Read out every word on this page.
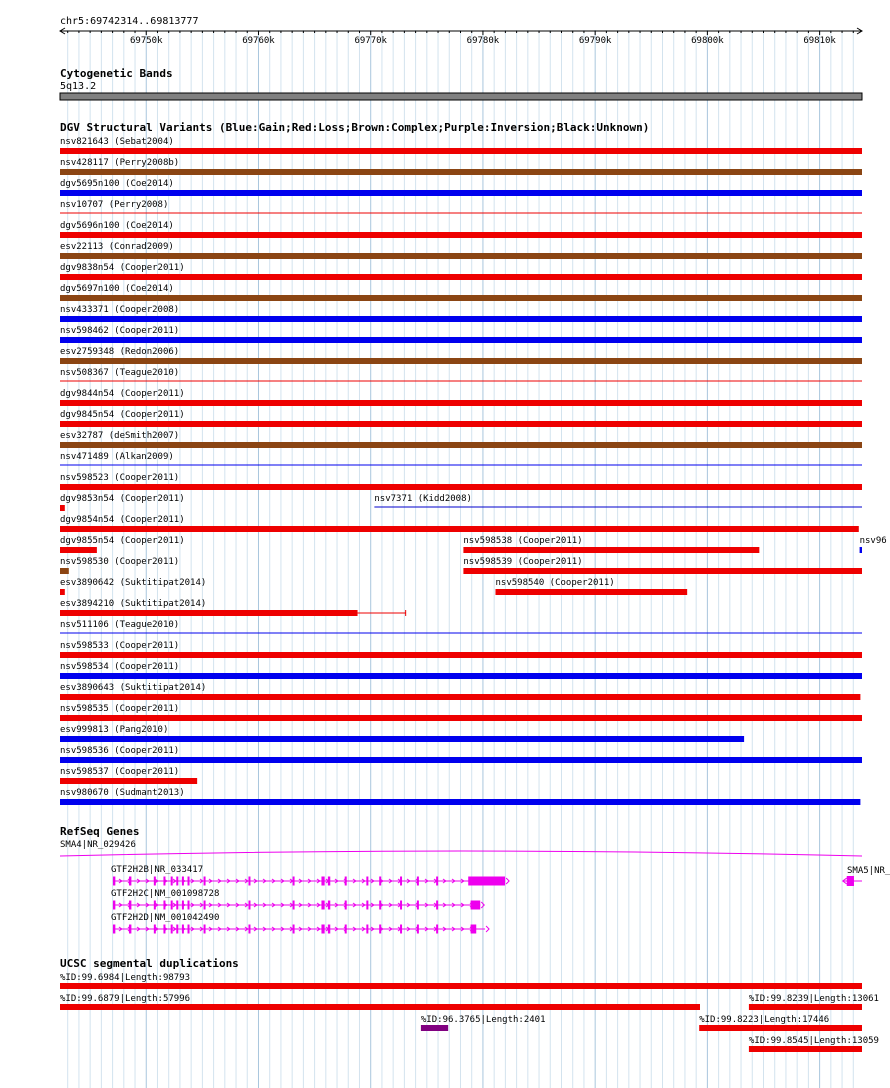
chr5:69742314..69813777
69750k	69760k	69770k	69780k	69790k	69800k	69810k
Cytogenetic Bands
5q13.2
DGV Structural Variants (Blue:Gain;Red:Loss;Brown:Complex;Purple:Inversion;Black:Unknown)
nsv821643 (Sebat2004)
nsv428117 (Perry2008b)
dgv5695n100 (Coe2014)
nsv10707 (Perry2008)
dgv5696n100 (Coe2014)
esv22113 (Conrad2009)
dgv9838n54 (Cooper2011)
dgv5697n100 (Coe2014)
nsv433371 (Cooper2008)
nsv598462 (Cooper2011)
esv2759348 (Redon2006)
nsv508367 (Teague2010)
dgv9844n54 (Cooper2011)
dgv9845n54 (Cooper2011)
esv32787 (deSmith2007)
nsv471489 (Alkan2009)
nsv598523 (Cooper2011)
dgv9853n54 (Cooper2011)	nsv7371 (Kidd2008)
dgv9854n54 (Cooper2011)
dgv9855n54 (Cooper2011)	nsv598538 (Cooper2011)	nsv96
nsv598530 (Cooper2011)	nsv598539 (Cooper2011)
esv3890642 (Suktitipat2014)	nsv598540 (Cooper2011)
esv3894210 (Suktitipat2014)
nsv511106 (Teague2010)
nsv598533 (Cooper2011)
nsv598534 (Cooper2011)
esv3890643 (Suktitipat2014)
nsv598535 (Cooper2011)
esv999813 (Pang2010)
nsv598536 (Cooper2011)
nsv598537 (Cooper2011)
nsv980670 (Sudmant2013)
RefSeq Genes
SMA4|NR_029426
SMA5|NR_
GTF2H2B|NR_033417
GTF2H2C|NM_001098728
GTF2H2D|NM_001042490
UCSC segmental duplications
%ID:99.6984|Length:98793
%ID:99.6879|Length:57996	%ID:99.8239|Length:13061
%ID:96.3765|Length:2401	%ID:99.8223|Length:17446
%ID:99.8545|Length:13059
